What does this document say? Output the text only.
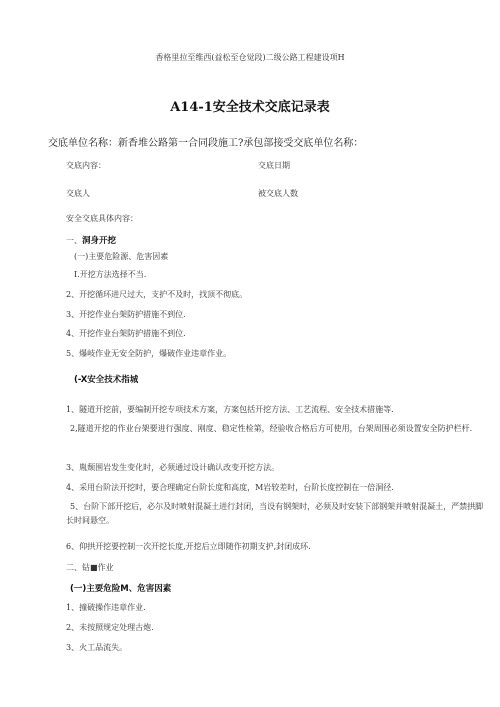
香格里拉至维西(益松至仓觉段)二级公路工程建设项H
A14-1安全技术交底记录表
交底单位名称：新香堆公路第一合同段施工?承包部接受交底单位名称：
交底内容：	交底日期
交底人	被交底人数
安全交底具体内容：
一、洞身开挖
(一)主要危险源、危害因素
I.开挖方法选择不当.
2、开挖循环进尺过大，支护不及时，找顶不彻底。
3、开挖作业台架防护措施不到位.
4、开挖作业台架防护措施不到位.
5、爆岐作业无安全防护，爆破作业违章作业。
(-X安全技术指城
1、隧道开挖前，要编制开挖专项技术方案，方案包括开挖方法、工艺流程、安全技术措施等.
2,隧道开挖的作业台架要进行强度、刚度、稳定性检第，经验收合格后方可使用，台架周围必须设置安全防护栏杆.
3、胤颓围岩发生变化时，必须通过设计确认改变开挖方法。
4、采用台阶法开挖时，要合理确定台阶长度和高度，M岩较差时，台阶长度控制在一倍洞径.
5、台阶下部开挖后，必尔及时喷射混凝土进行封闭，当设有钢架时，必须及时安装下部钢架并喷射混凝土，严禁拱脚长时间悬空。
6、仰拱开挖要控制一次开挖长度,开挖后立即随作初期支护,封闭成环.
二、钻■作业
(一)主要危险M、危害因素
1、撞破操作违章作业.
2、未按照规定处理古炮.
3、火工品流失。
